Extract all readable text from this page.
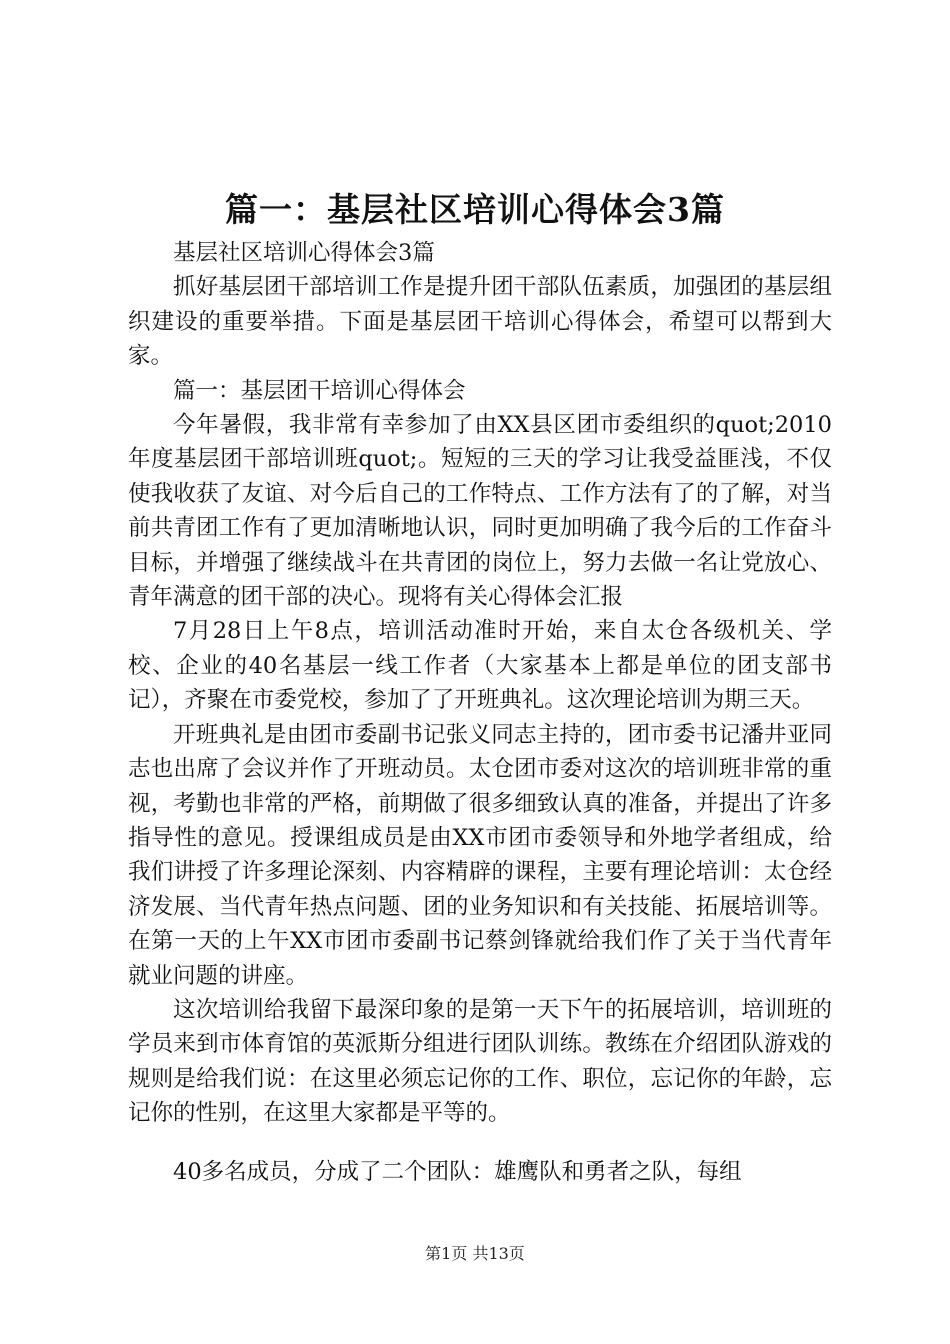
篇一：基层社区培训心得体会3篇

基层社区培训心得体会3篇

抓好基层团干部培训工作是提升团干部队伍素质，加强团的基层组织建设的重要举措。下面是基层团干培训心得体会，希望可以帮到大家。

篇一：基层团干培训心得体会

今年暑假，我非常有幸参加了由XX县区团市委组织的quot;2010年度基层团干部培训班quot;。短短的三天的学习让我受益匪浅，不仅使我收获了友谊、对今后自己的工作特点、工作方法有了的了解，对当前共青团工作有了更加清晰地认识，同时更加明确了我今后的工作奋斗目标，并增强了继续战斗在共青团的岗位上，努力去做一名让党放心、青年满意的团干部的决心。现将有关心得体会汇报

7月28日上午8点，培训活动准时开始，来自太仓各级机关、学校、企业的40名基层一线工作者（大家基本上都是单位的团支部书记），齐聚在市委党校，参加了了开班典礼。这次理论培训为期三天。

开班典礼是由团市委副书记张义同志主持的，团市委书记潘井亚同志也出席了会议并作了开班动员。太仓团市委对这次的培训班非常的重视，考勤也非常的严格，前期做了很多细致认真的准备，并提出了许多指导性的意见。授课组成员是由XX市团市委领导和外地学者组成，给我们讲授了许多理论深刻、内容精辟的课程，主要有理论培训：太仓经济发展、当代青年热点问题、团的业务知识和有关技能、拓展培训等。在第一天的上午XX市团市委副书记蔡剑锋就给我们作了关于当代青年就业问题的讲座。

这次培训给我留下最深印象的是第一天下午的拓展培训，培训班的学员来到市体育馆的英派斯分组进行团队训练。教练在介绍团队游戏的规则是给我们说：在这里必须忘记你的工作、职位，忘记你的年龄，忘记你的性别，在这里大家都是平等的。

40多名成员，分成了二个团队：雄鹰队和勇者之队，每组

第1页 共13页
